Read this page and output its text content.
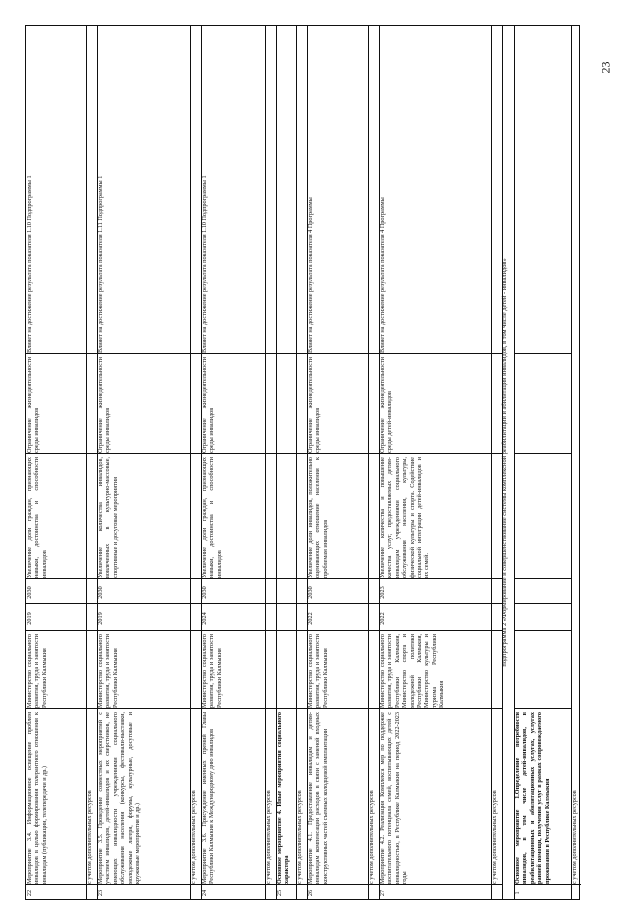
23
22
Мероприятие 3.4. Информационное освещение проблем инвалидов в целью формирования толерантного отношения к инвалидам (публикации, телепередачи и др.)
Министерство социального развития, труда и занятости Республики Калмыкия
2019
2030
Увеличение доли граждан, признающих навыки, достоинства и способности инвалидов
Ограничение жизнедеятельности среды инвалидов
Влияет на достижение результата показателя 1.10 Подпрограммы 1
с учетом дополнительных ресурсов
23
Мероприятие 3.5. Проведение совместных мероприятий с участием инвалидов, детей-инвалидов и их сверстников, не имеющих инвалидности учреждениями социального обслуживания населения (конкурсы, фестивали-выставки, молодежные лагеря, форумы, культурные, досуговые и кружковые мероприятия и др.)
Министерство социального развития, труда и занятости Республики Калмыкия
2019
2030
Увеличение количества инвалидов, вовлеченных в культурно-массовые, спортивные и досуговые мероприятия
Ограничение жизнедеятельности среды инвалидов
Влияет на достижение результата показателя 1.11 Подпрограммы 1
с учетом дополнительных ресурсов
24
Мероприятие 3.6. Присуждение именных премий Главы Республики Калмыкия к Международному дню инвалидов
Министерство социального развития, труда и занятости Республики Калмыкия
2024
2030
Увеличение доли граждан, признающих навыки, достоинства и способности инвалидов
Ограничение жизнедеятельности среды инвалидов
Влияет на достижение результата показателя 1.10 Подпрограммы 1
с учетом дополнительных ресурсов
25
Основное мероприятие 4. Иные мероприятия социального характера с учетом дополнительных ресурсов
26
Мероприятие 4.1. Предоставление инвалидам и детям-инвалидам компенсации расходов в связи с заменой входных конструктивных частей съемных колодцевой имплантации
Министерство социального развития, труда и занятости Республики Калмыкия
2022
2030
Увеличение доли инвалидов, положительно оценивающих отношение населения к проблемам инвалидов
Ограничение жизнедеятельности среды инвалидов
Влияет на достижение результата показателя 4 Программы
с учетом дополнительных ресурсов
27
Мероприятие 4.2. Реализация Комплекса мер по поддержке воспитательного потенциала семей, воспитывающих детей с инвалидностью, в Республике Калмыкия на период 2022-2023 годы
Министерство социального развития, труда и занятости Республики Калмыкия, Министерство спорта и молодежной политики Республики Калмыкия, Министерство культуры и туризма Республики Калмыкия
2022
2023
Увеличение количества и повышение качества услуг, предоставляемых детям-инвалидам учреждениями социального обслуживания населения, культуры, физической культуры и спорта. Содействие социальной интеграции детей-инвалидов и их семей.
Ограничение жизнедеятельности среды детей-инвалидов
Влияет на достижение результата показателя 4 Программы
с учетом дополнительных ресурсов
подпрограмма 2 «Формирование и совершенствование системы комплексной реабилитации и абилитации инвалидов, в том числе детей - инвалидов»
1
Основное мероприятие 1.Определение потребности инвалидов, в том числе детей-инвалидов, в реабилитационных и абилитационных услугах, услугах ранней помощи, получении услуг в рамках сопровождаемого проживания в Республике Калмыкия	с учетом дополнительных ресурсов
